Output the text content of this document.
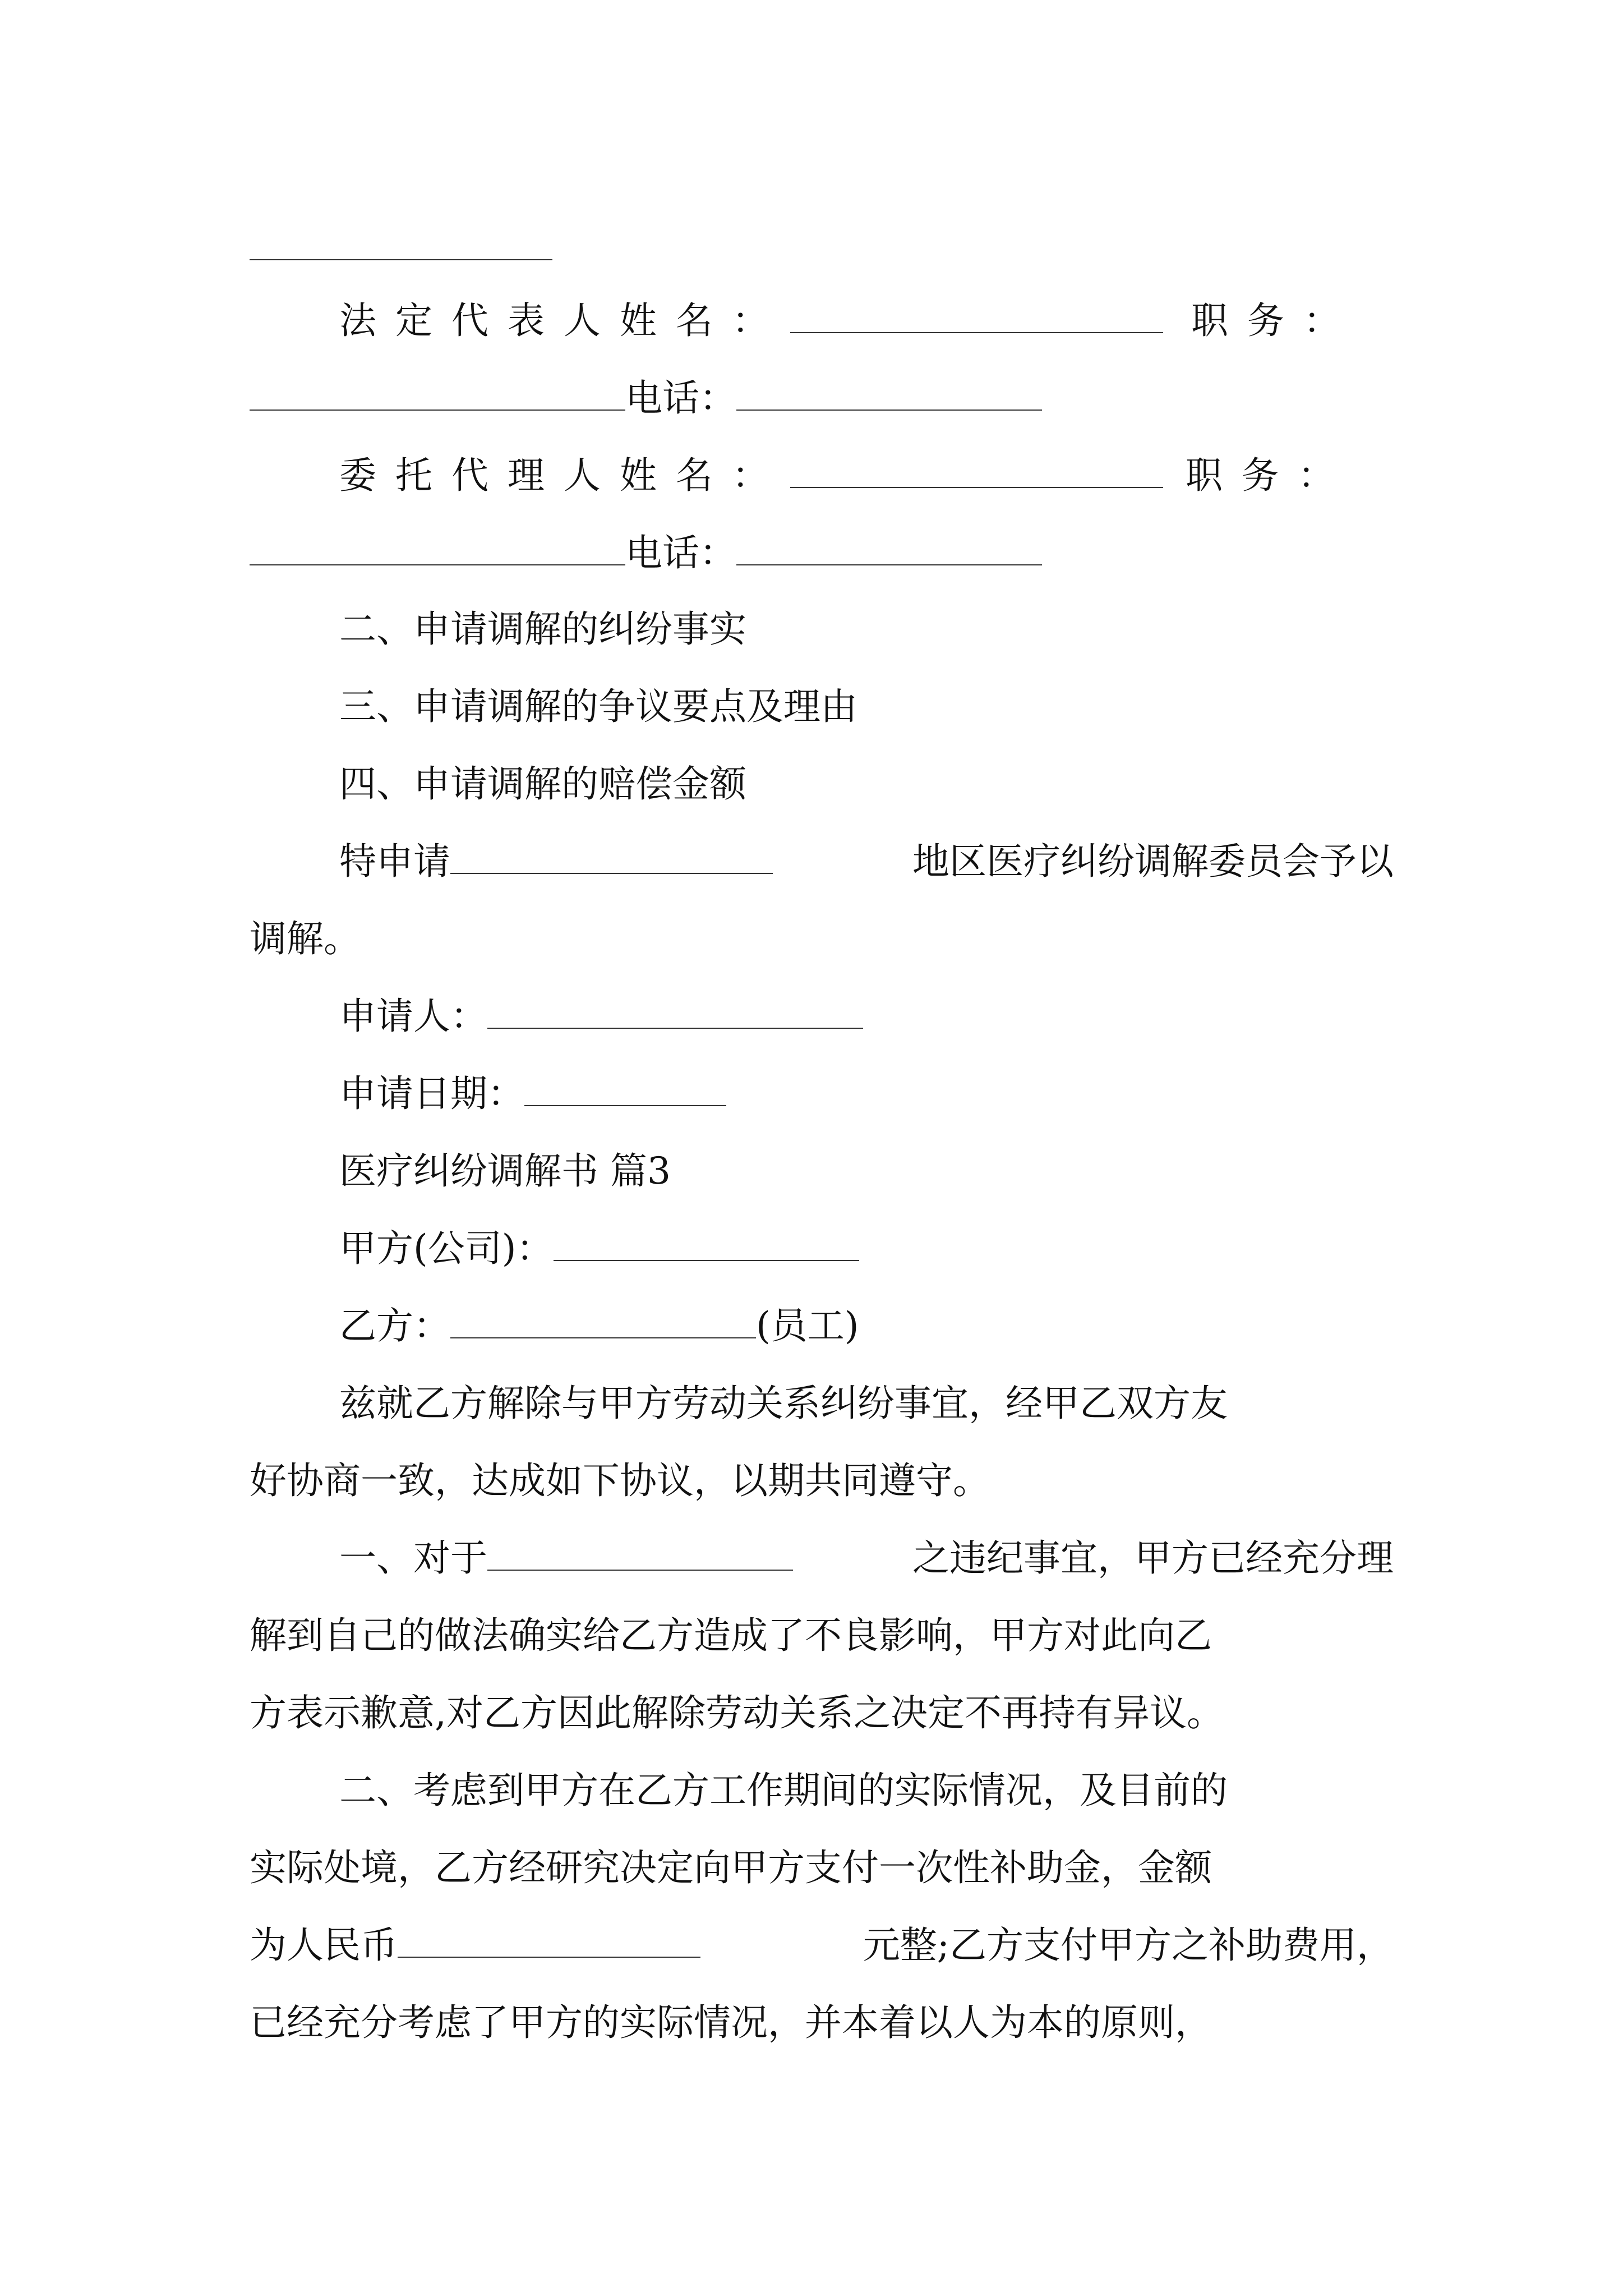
法定代表人姓名：	职务：
电话：
委托代理人姓名：	职务：
电话：
二、申请调解的纠纷事实
三、申请调解的争议要点及理由
四、申请调解的赔偿金额
特申请	地区医疗纠纷调解委员会予以
调解。
申请人：
申请日期：
医疗纠纷调解书 篇3
甲方(公司)：
乙方：	(员工)
兹就乙方解除与甲方劳动关系纠纷事宜，经甲乙双方友
好协商一致，达成如下协议，以期共同遵守。
一、对于	之违纪事宜，甲方已经充分理
解到自己的做法确实给乙方造成了不良影响，甲方对此向乙
方表示歉意,对乙方因此解除劳动关系之决定不再持有异议。
二、考虑到甲方在乙方工作期间的实际情况，及目前的
实际处境，乙方经研究决定向甲方支付一次性补助金，金额
为人民币	元整;乙方支付甲方之补助费用，
已经充分考虑了甲方的实际情况，并本着以人为本的原则，
